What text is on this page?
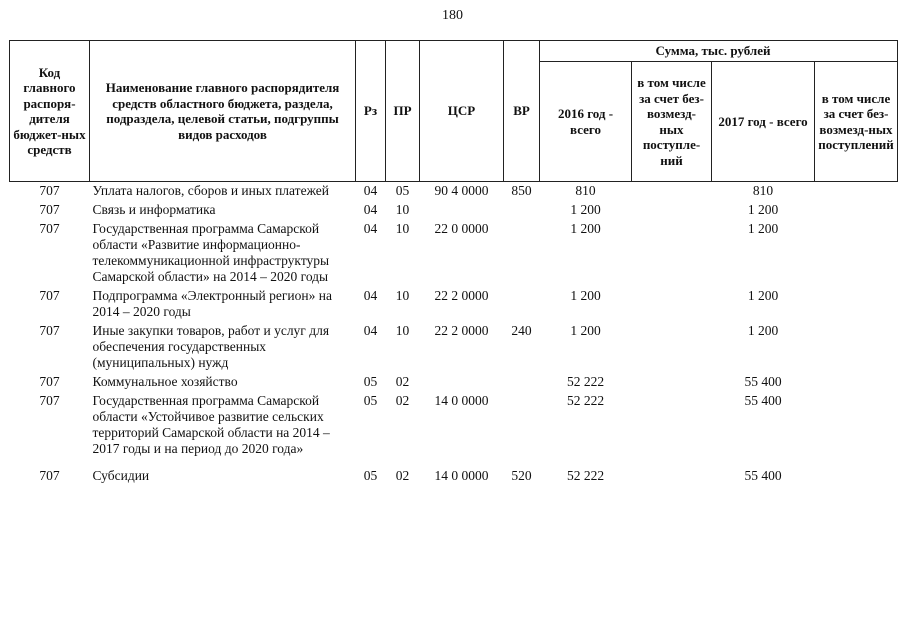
180
Код главного распоря-дителя бюджет-ных средств	Наименование главного распорядителя средств областного бюджета, раздела, подраздела, целевой статьи, подгруппы видов расходов	Рз	ПР	ЦСР	ВР	Сумма, тыс. рублей			
						2016 год - всего	в том числе за счет без-возмезд-ных поступле-ний	2017 год - всего	в том числе за счет без-возмезд-ных поступлений
707	Уплата налогов, сборов и иных платежей	04	05	90 4 0000	850	810		810	
707	Связь и информатика	04	10			1 200		1 200	
707	Государственная программа Самарской области «Развитие информационно-телекоммуникационной инфраструктуры Самарской области» на 2014 – 2020 годы	04	10	22 0 0000		1 200		1 200	
707	Подпрограмма «Электронный регион» на 2014 – 2020 годы	04	10	22 2 0000		1 200		1 200	
707	Иные закупки товаров, работ и услуг для обеспечения государственных (муниципальных) нужд	04	10	22 2 0000	240	1 200		1 200	
707	Коммунальное хозяйство	05	02			52 222		55 400	
707	Государственная программа Самарской области «Устойчивое развитие сельских территорий Самарской области на 2014 – 2017 годы и на период до 2020 года»	05	02	14 0 0000		52 222		55 400	
707	Субсидии	05	02	14 0 0000	520	52 222		55 400	
